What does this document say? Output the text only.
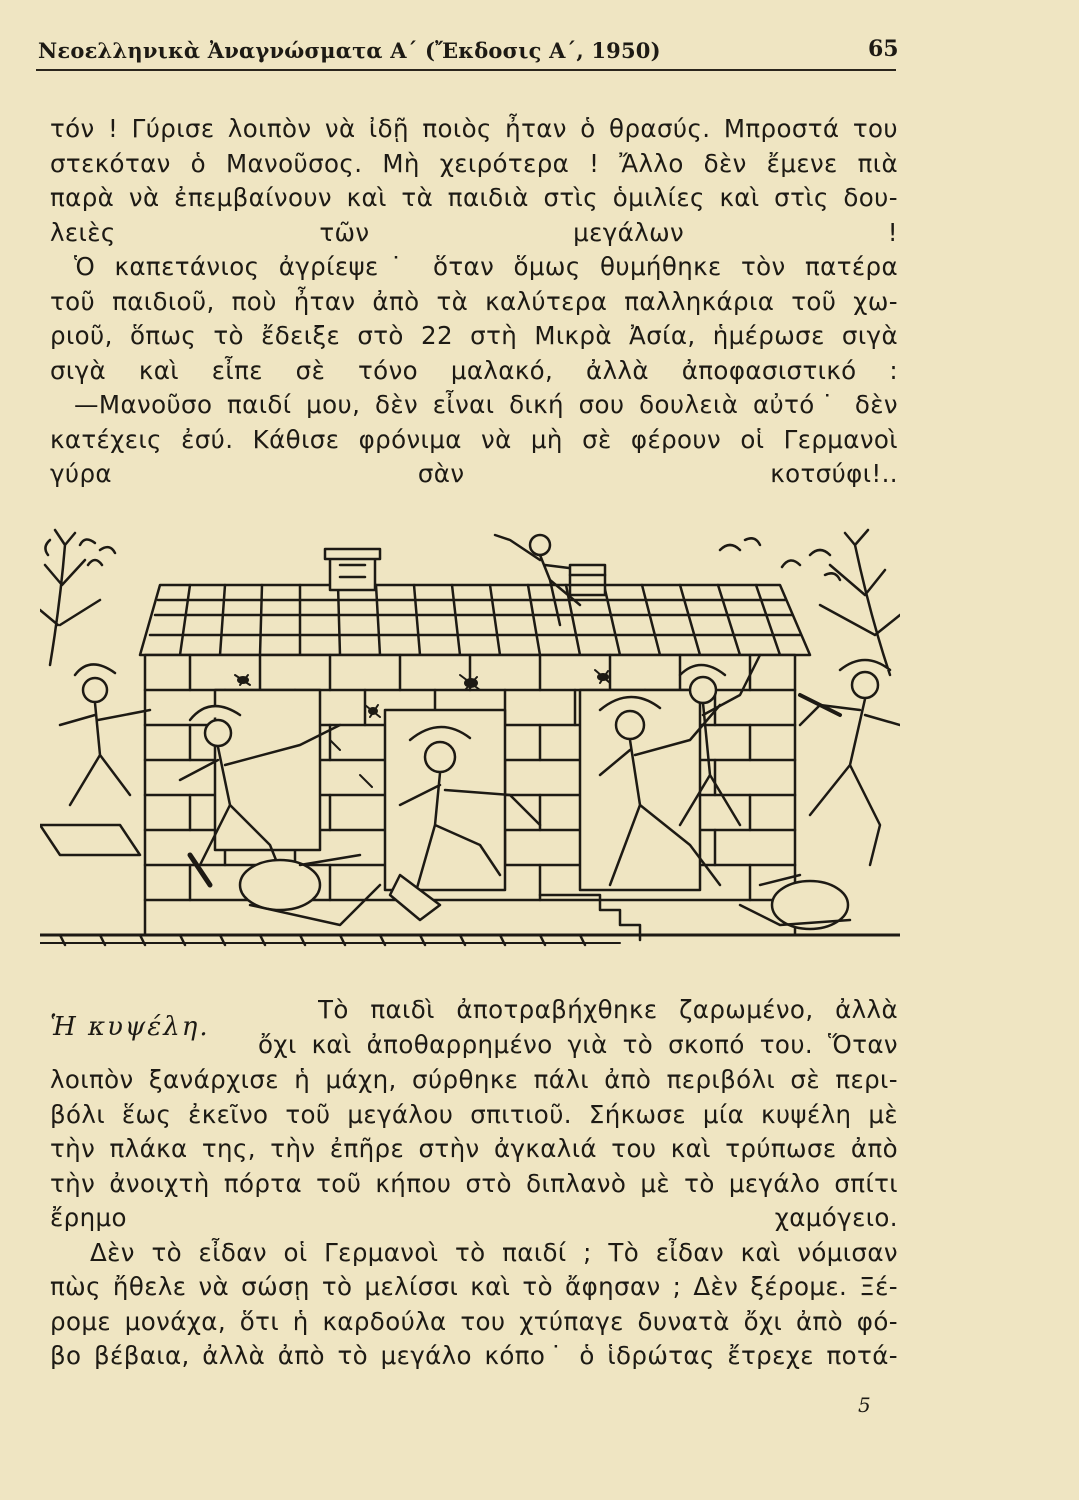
Νεοελληνικὰ Ἀναγνώσματα Α΄ (Ἔκδοσις Α΄, 1950)	65
τόν ! Γύρισε λοιπὸν νὰ ἰδῇ ποιὸς ἦταν ὁ θρασύς. Μπροστά του
στεκόταν ὁ Μανοῦσος. Μὴ χειρότερα ! Ἄλλο δὲν ἔμενε πιὰ
παρὰ νὰ ἐπεμβαίνουν καὶ τὰ παιδιὰ στὶς ὁμιλίες καὶ στὶς δου-
λειὲς τῶν μεγάλων !
Ὁ καπετάνιος ἀγρίεψε˙ ὅταν ὅμως θυμήθηκε τὸν πατέρα
τοῦ παιδιοῦ, ποὺ ἦταν ἀπὸ τὰ καλύτερα παλληκάρια τοῦ χω-
ριοῦ, ὅπως τὸ ἔδειξε στὸ 22 στὴ Μικρὰ Ἀσία, ἡμέρωσε σιγὰ
σιγὰ καὶ εἶπε σὲ τόνο μαλακό, ἀλλὰ ἀποφασιστικό :
—Μανοῦσο παιδί μου, δὲν εἶναι δική σου δουλειὰ αὐτό˙ δὲν
κατέχεις ἐσύ. Κάθισε φρόνιμα νὰ μὴ σὲ φέρουν οἱ Γερμανοὶ
γύρα σὰν κοτσύφι!..
Ἡ κυψέλη.
Τὸ παιδὶ ἀποτραβήχθηκε ζαρωμένο, ἀλλὰ
ὄχι καὶ ἀποθαρρημένο γιὰ τὸ σκοπό του. Ὅταν
λοιπὸν ξανάρχισε ἡ μάχη, σύρθηκε πάλι ἀπὸ περιβόλι σὲ περι-
βόλι ἕως ἐκεῖνο τοῦ μεγάλου σπιτιοῦ. Σήκωσε μία κυψέλη μὲ
τὴν πλάκα της, τὴν ἐπῆρε στὴν ἀγκαλιά του καὶ τρύπωσε ἀπὸ
τὴν ἀνοιχτὴ πόρτα τοῦ κήπου στὸ διπλανὸ μὲ τὸ μεγάλο σπίτι
ἔρημο χαμόγειο.
Δὲν τὸ εἶδαν οἱ Γερμανοὶ τὸ παιδί ; Τὸ εἶδαν καὶ νόμισαν
πὼς ἤθελε νὰ σώσῃ τὸ μελίσσι καὶ τὸ ἄφησαν ; Δὲν ξέρομε. Ξέ-
ρομε μονάχα, ὅτι ἡ καρδούλα του χτύπαγε δυνατὰ ὄχι ἀπὸ φό-
βο βέβαια, ἀλλὰ ἀπὸ τὸ μεγάλο κόπο˙ ὁ ἱδρώτας ἔτρεχε ποτά-
5
